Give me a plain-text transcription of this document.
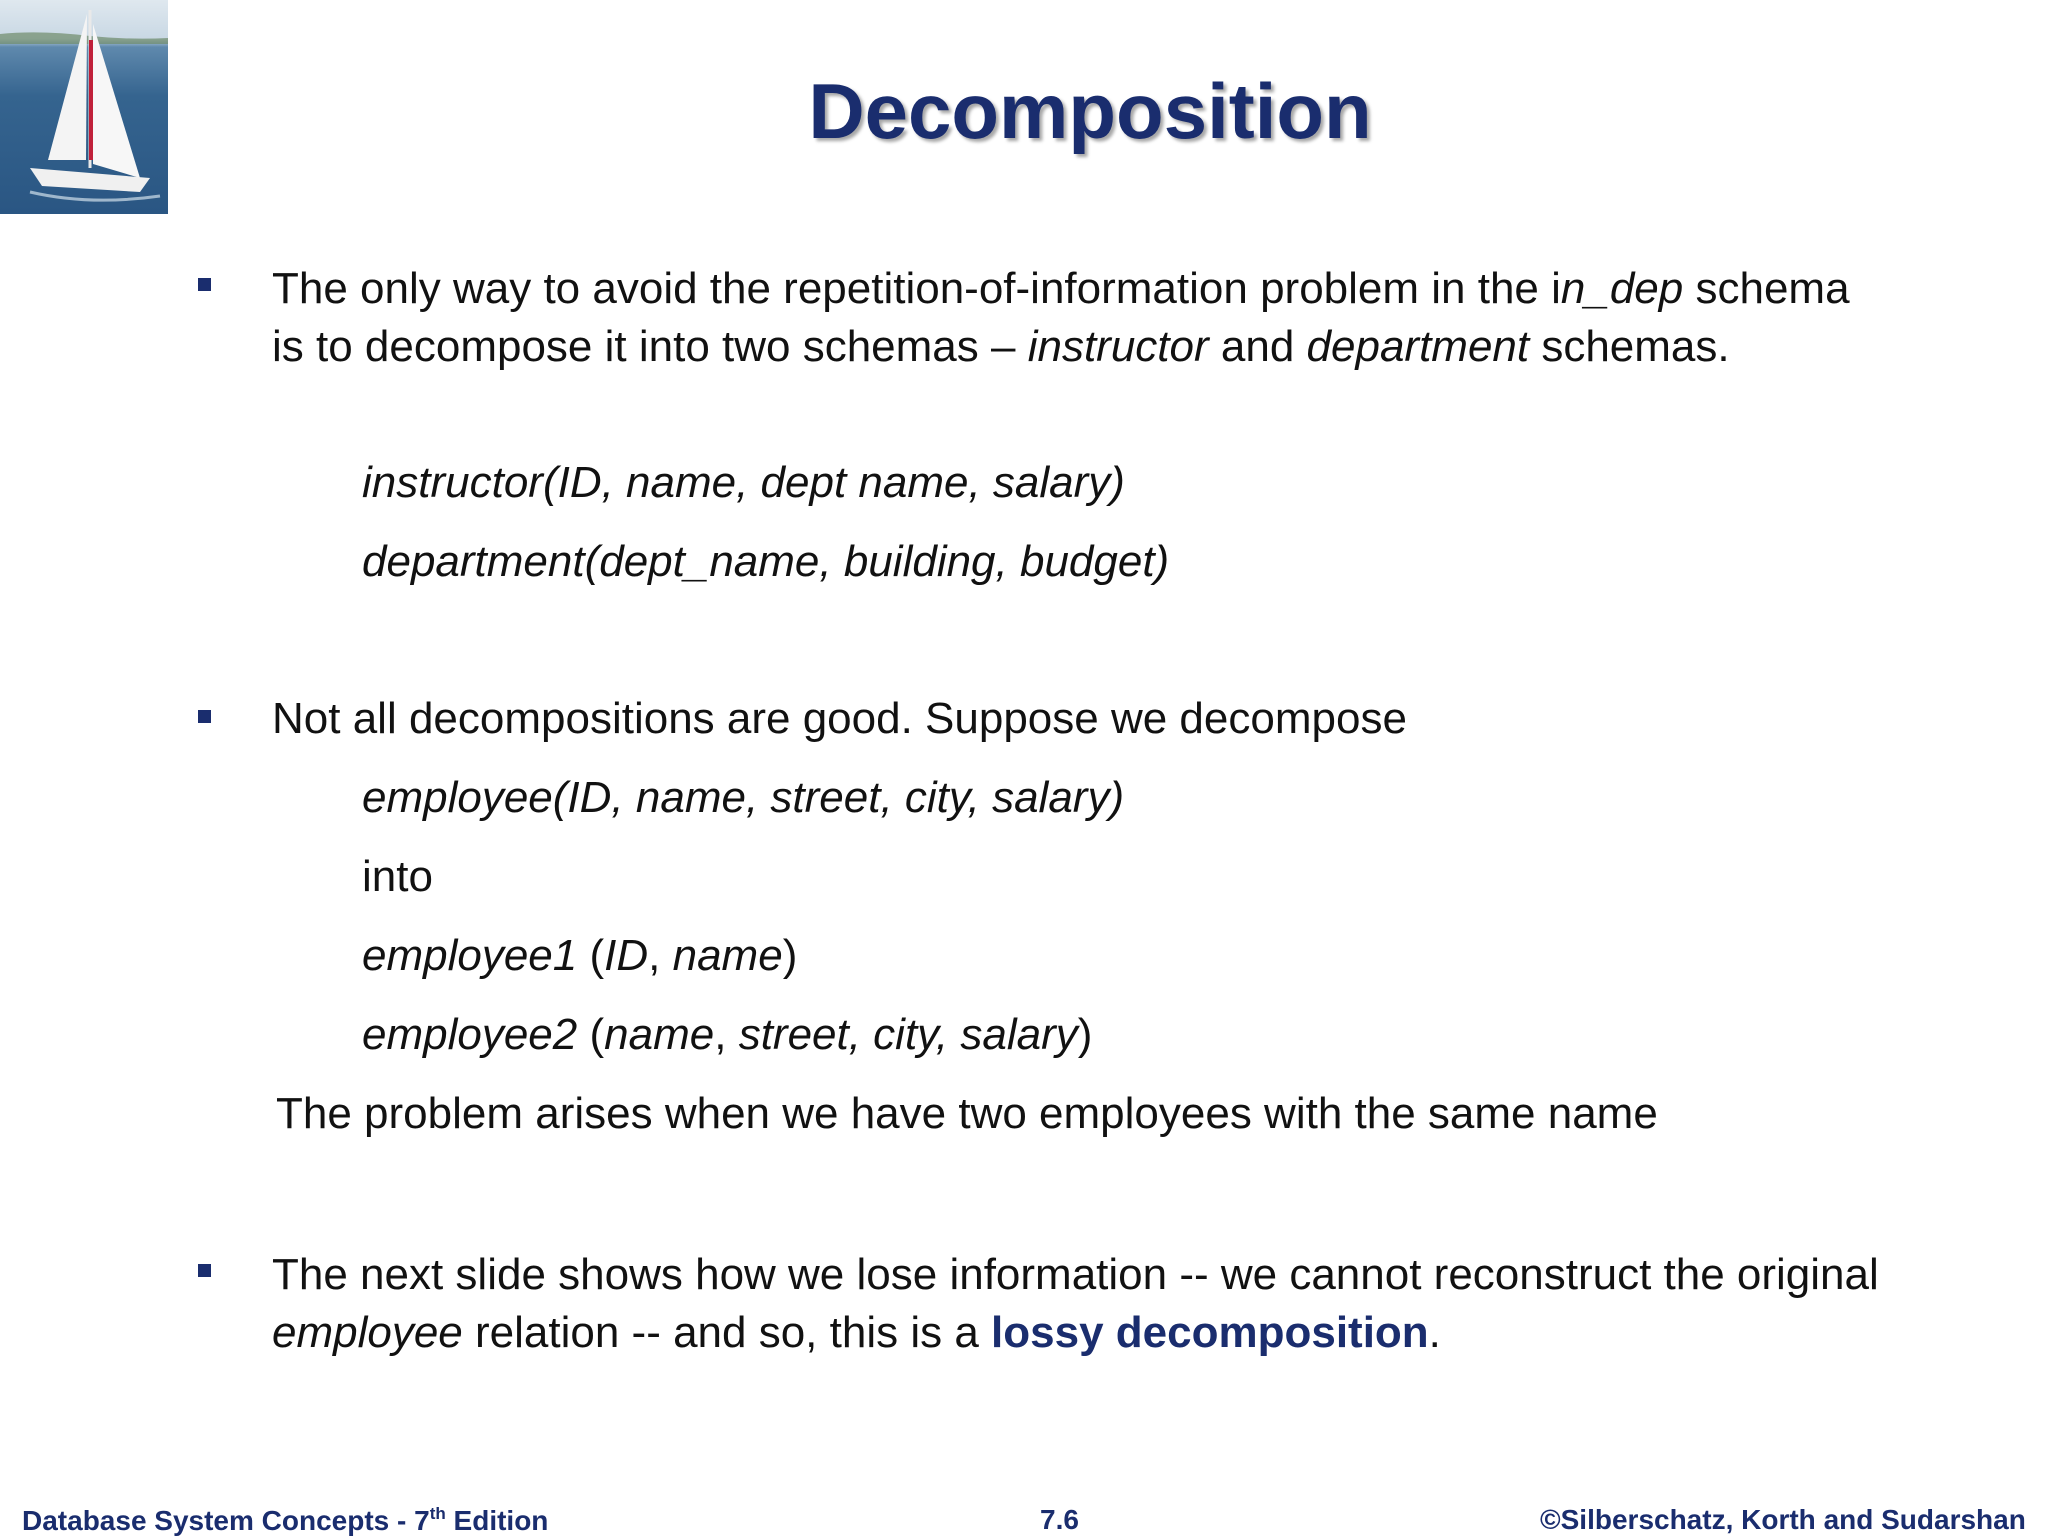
Decomposition
The only way to avoid the repetition-of-information problem in the in_dep schema is to decompose it into two schemas – instructor and department schemas.
instructor(ID, name, dept name, salary)
department(dept_name, building, budget)
Not all decompositions are good. Suppose we decompose
employee(ID, name, street, city, salary)
into
employee1 (ID, name)
employee2 (name, street, city, salary)
The problem arises when we have two employees with the same name
The next slide shows how we lose information -- we cannot reconstruct the original employee relation -- and so, this is a lossy decomposition.
Database System Concepts - 7th Edition	7.6	©Silberschatz, Korth and Sudarshan
